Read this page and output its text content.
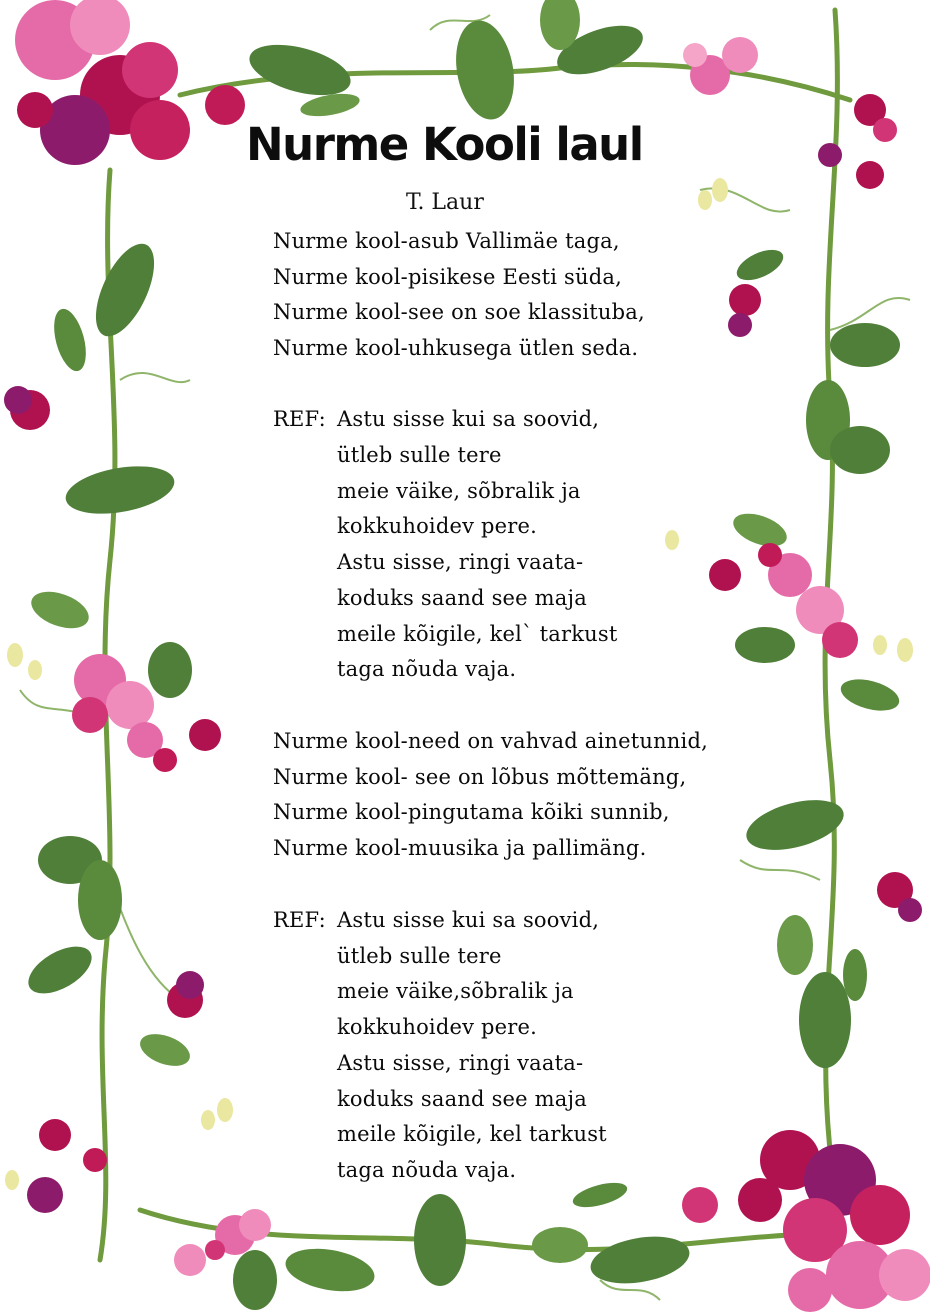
Nurme Kooli laul
T. Laur
Nurme kool-asub Vallimäe taga,
Nurme kool-pisikese Eesti süda,
Nurme kool-see on soe klassituba,
Nurme kool-uhkusega ütlen seda.
REF: Astu sisse kui sa soovid,
ütleb sulle tere
meie väike, sõbralik ja
kokkuhoidev pere.
Astu sisse, ringi vaata-
koduks saand see maja
meile kõigile, kel` tarkust
taga nõuda vaja.
Nurme kool-need on vahvad ainetunnid,
Nurme kool- see on lõbus mõttemäng,
Nurme kool-pingutama kõiki sunnib,
Nurme kool-muusika ja pallimäng.
REF: Astu sisse kui sa soovid,
ütleb sulle tere
meie väike,sõbralik ja
kokkuhoidev pere.
Astu sisse, ringi vaata-
koduks saand see maja
meile kõigile, kel tarkust
taga nõuda vaja.
